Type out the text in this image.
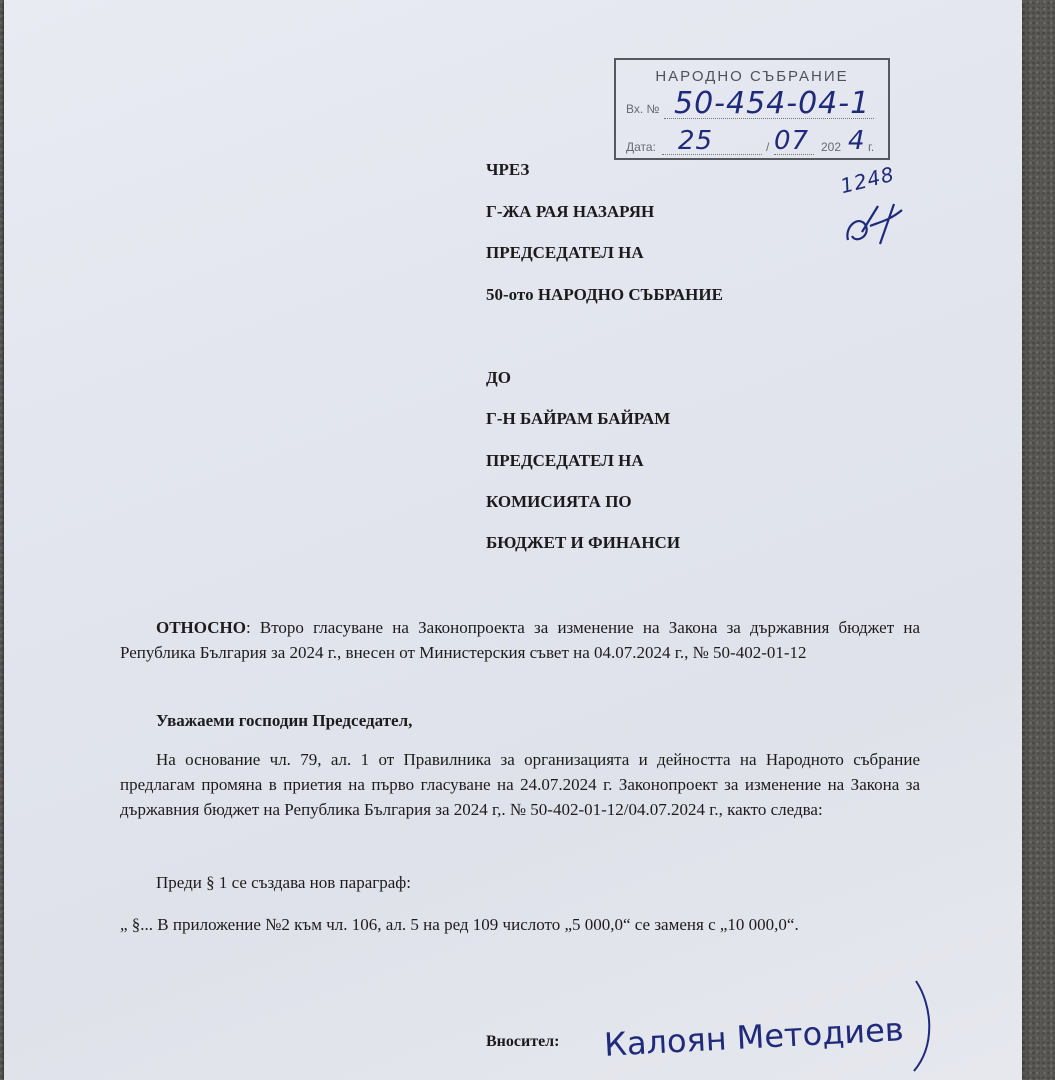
НАРОДНО СЪБРАНИЕ
Вх. № 50-454-04-1
Дата: 25	/ 07 202 4 г.
1248
ЧРЕЗ
Г-ЖА РАЯ НАЗАРЯН
ПРЕДСЕДАТЕЛ НА
50-ото НАРОДНО СЪБРАНИЕ
ДО
Г-Н БАЙРАМ БАЙРАМ
ПРЕДСЕДАТЕЛ НА
КОМИСИЯТА ПО
БЮДЖЕТ И ФИНАНСИ
ОТНОСНО: Второ гласуване на Законопроекта за изменение на Закона за държавния бюджет на Република България за 2024 г., внесен от Министерския съвет на 04.07.2024 г., № 50-402-01-12
Уважаеми господин Председател,
На основание чл. 79, ал. 1 от Правилника за организацията и дейността на Народното събрание предлагам промяна в приетия на първо гласуване на 24.07.2024 г. Законопроект за изменение на Закона за държавния бюджет на Република България за 2024 г,. № 50-402-01-12/04.07.2024 г., както следва:
Преди § 1 се създава нов параграф:
„ §... В приложение №2 към чл. 106, ал. 5 на ред 109 числото „5 000,0“ се заменя с „10 000,0“.
Вносител: Калоян Методиев
